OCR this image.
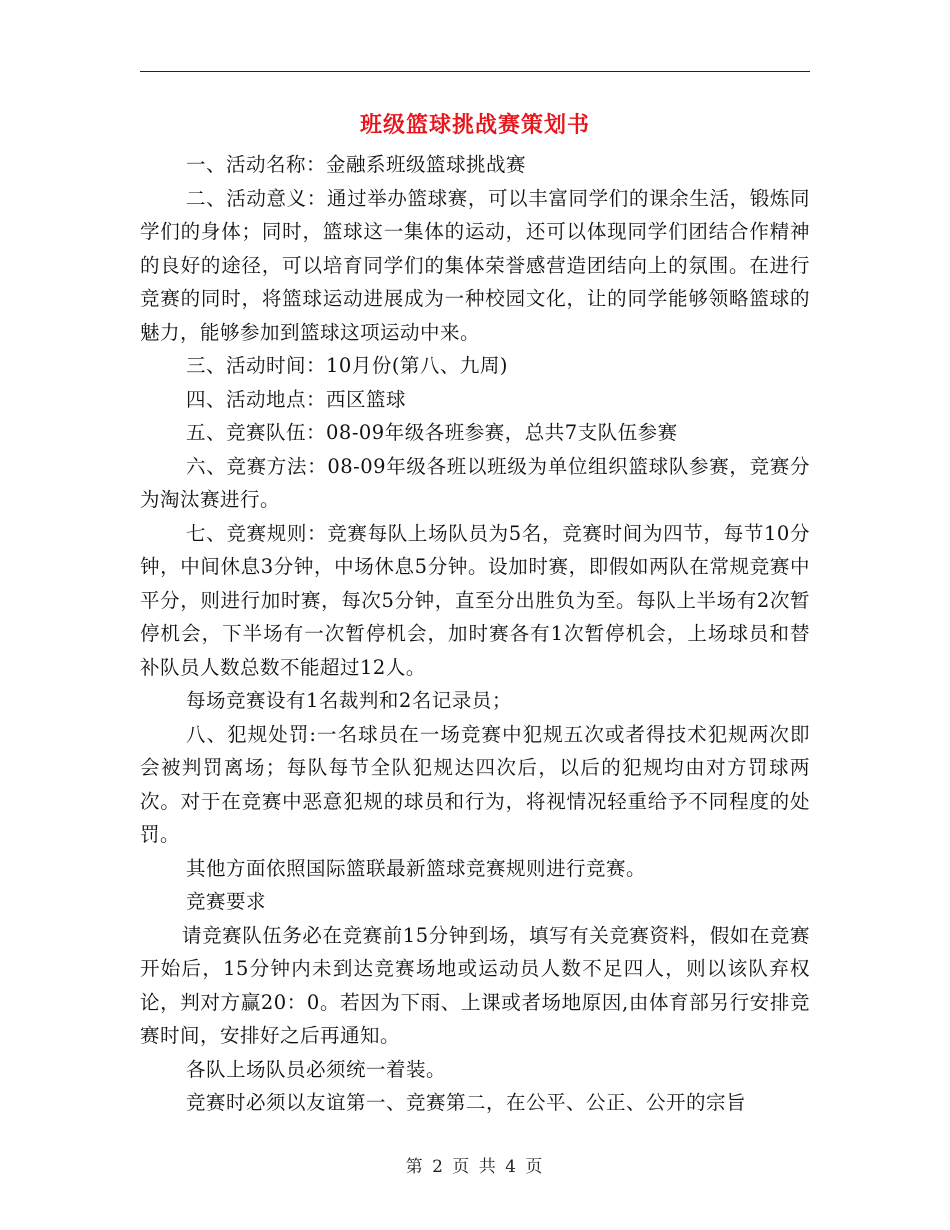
班级篮球挑战赛策划书

一、活动名称：金融系班级篮球挑战赛

二、活动意义：通过举办篮球赛，可以丰富同学们的课余生活，锻炼同学们的身体；同时，篮球这一集体的运动，还可以体现同学们团结合作精神的良好的途径，可以培育同学们的集体荣誉感营造团结向上的氛围。在进行竞赛的同时，将篮球运动进展成为一种校园文化，让的同学能够领略篮球的魅力，能够参加到篮球这项运动中来。

三、活动时间：10月份(第八、九周)

四、活动地点：西区篮球

五、竞赛队伍：08-09年级各班参赛，总共7支队伍参赛

六、竞赛方法：08-09年级各班以班级为单位组织篮球队参赛，竞赛分为淘汰赛进行。

七、竞赛规则：竞赛每队上场队员为5名，竞赛时间为四节，每节10分钟，中间休息3分钟，中场休息5分钟。设加时赛，即假如两队在常规竞赛中平分，则进行加时赛，每次5分钟，直至分出胜负为至。每队上半场有2次暂停机会，下半场有一次暂停机会，加时赛各有1次暂停机会，上场球员和替补队员人数总数不能超过12人。

每场竞赛设有1名裁判和2名记录员；

八、犯规处罚:一名球员在一场竞赛中犯规五次或者得技术犯规两次即会被判罚离场；每队每节全队犯规达四次后，以后的犯规均由对方罚球两次。对于在竞赛中恶意犯规的球员和行为，将视情况轻重给予不同程度的处罚。

其他方面依照国际篮联最新篮球竞赛规则进行竞赛。

竞赛要求

请竞赛队伍务必在竞赛前15分钟到场，填写有关竞赛资料，假如在竞赛开始后，15分钟内未到达竞赛场地或运动员人数不足四人，则以该队弃权论，判对方赢20：0。若因为下雨、上课或者场地原因,由体育部另行安排竞赛时间，安排好之后再通知。

各队上场队员必须统一着装。

竞赛时必须以友谊第一、竞赛第二，在公平、公正、公开的宗旨

第 2 页 共 4 页
